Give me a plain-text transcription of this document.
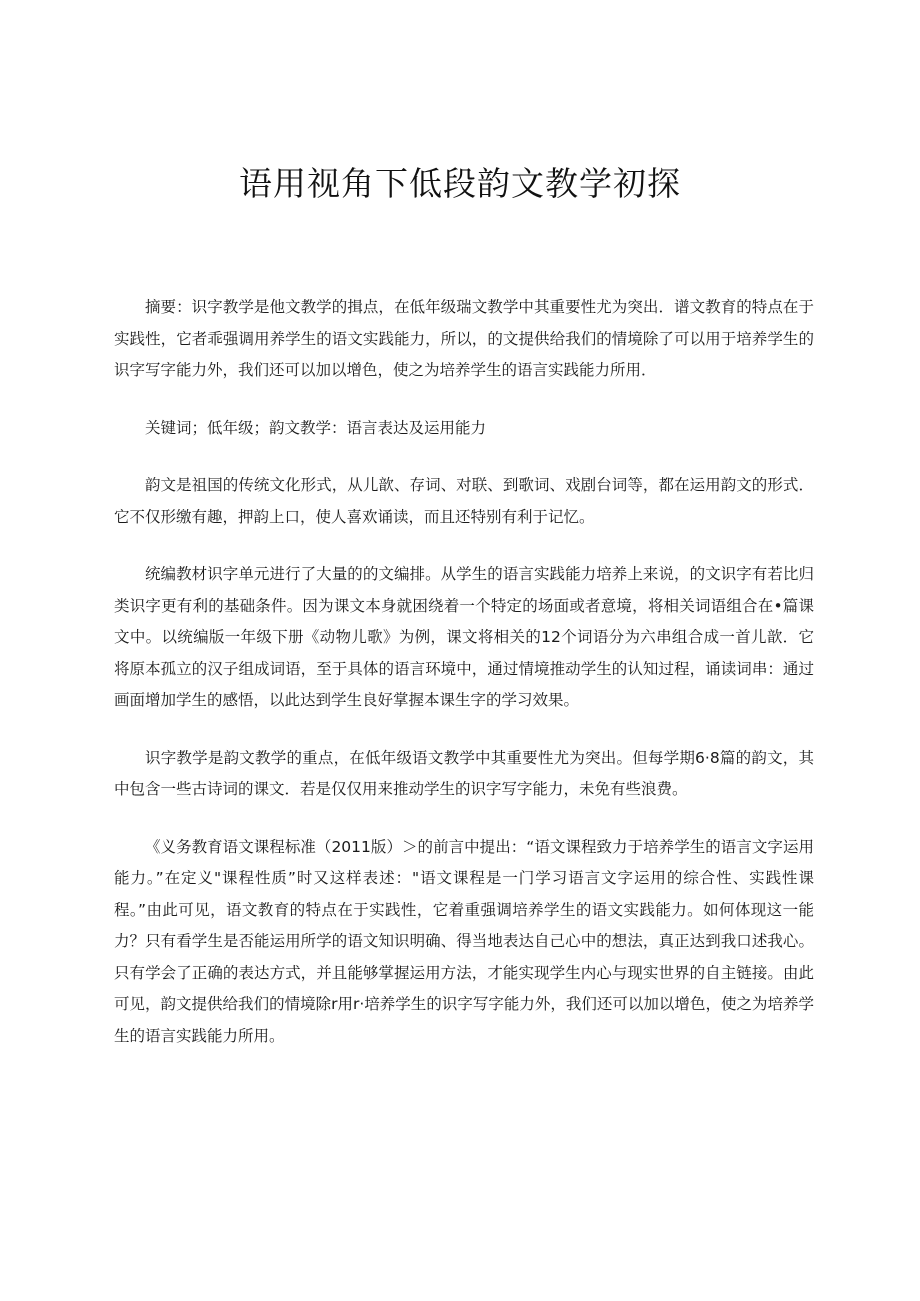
语用视角下低段韵文教学初探

摘要：识字教学是他文教学的揖点，在低年级瑞文教学中其重要性尤为突出．谱文教育的特点在于实践性，它者乖强调用养学生的语文实践能力，所以，的文提供给我们的情境除了可以用于培养学生的识字写字能力外，我们还可以加以增色，使之为培养学生的语言实践能力所用．

关键词；低年级；韵文教学：语言表达及运用能力

韵文是祖国的传统文化形式，从儿歆、存词、对联、到歌词、戏剧台词等，都在运用韵文的形式．它不仅形缴有趣，押韵上口，使人喜欢诵读，而且还特别有利于记忆。

统编教材识字单元进行了大量的的文编排。从学生的语言实践能力培养上来说，的文识字有若比归类识字更有利的基础条件。因为课文本身就困绕着一个特定的场面或者意境，将相关词语组合在•篇课文中。以统编版一年级下册《动物儿歌》为例，课文将相关的12个词语分为六串组合成一首儿歆．它将原本孤立的汉子组成词语，至于具体的语言环境中，通过情境推动学生的认知过程，诵读词串：通过画面增加学生的感悟，以此达到学生良好掌握本课生字的学习效果。

识字教学是韵文教学的重点，在低年级语文教学中其重要性尤为突出。但每学期6·8篇的韵文，其中包含一些古诗词的课文．若是仅仅用来推动学生的识字写字能力，未免有些浪费。

《义务教育语文课程标准（2011版）＞的前言中提出：“语文课程致力于培养学生的语言文字运用能力。”在定义"课程性质”时又这样表述："语文课程是一门学习语言文字运用的综合性、实践性课程。”由此可见，语文教育的特点在于实践性，它着重强调培养学生的语文实践能力。如何体现这一能力？只有看学生是否能运用所学的语文知识明确、得当地表达自己心中的想法，真正达到我口述我心。只有学会了正确的表达方式，并且能够掌握运用方法，才能实现学生内心与现实世界的自主链接。由此可见，韵文提供给我们的情境除r用r·培养学生的识字写字能力外，我们还可以加以增色，使之为培养学生的语言实践能力所用。
